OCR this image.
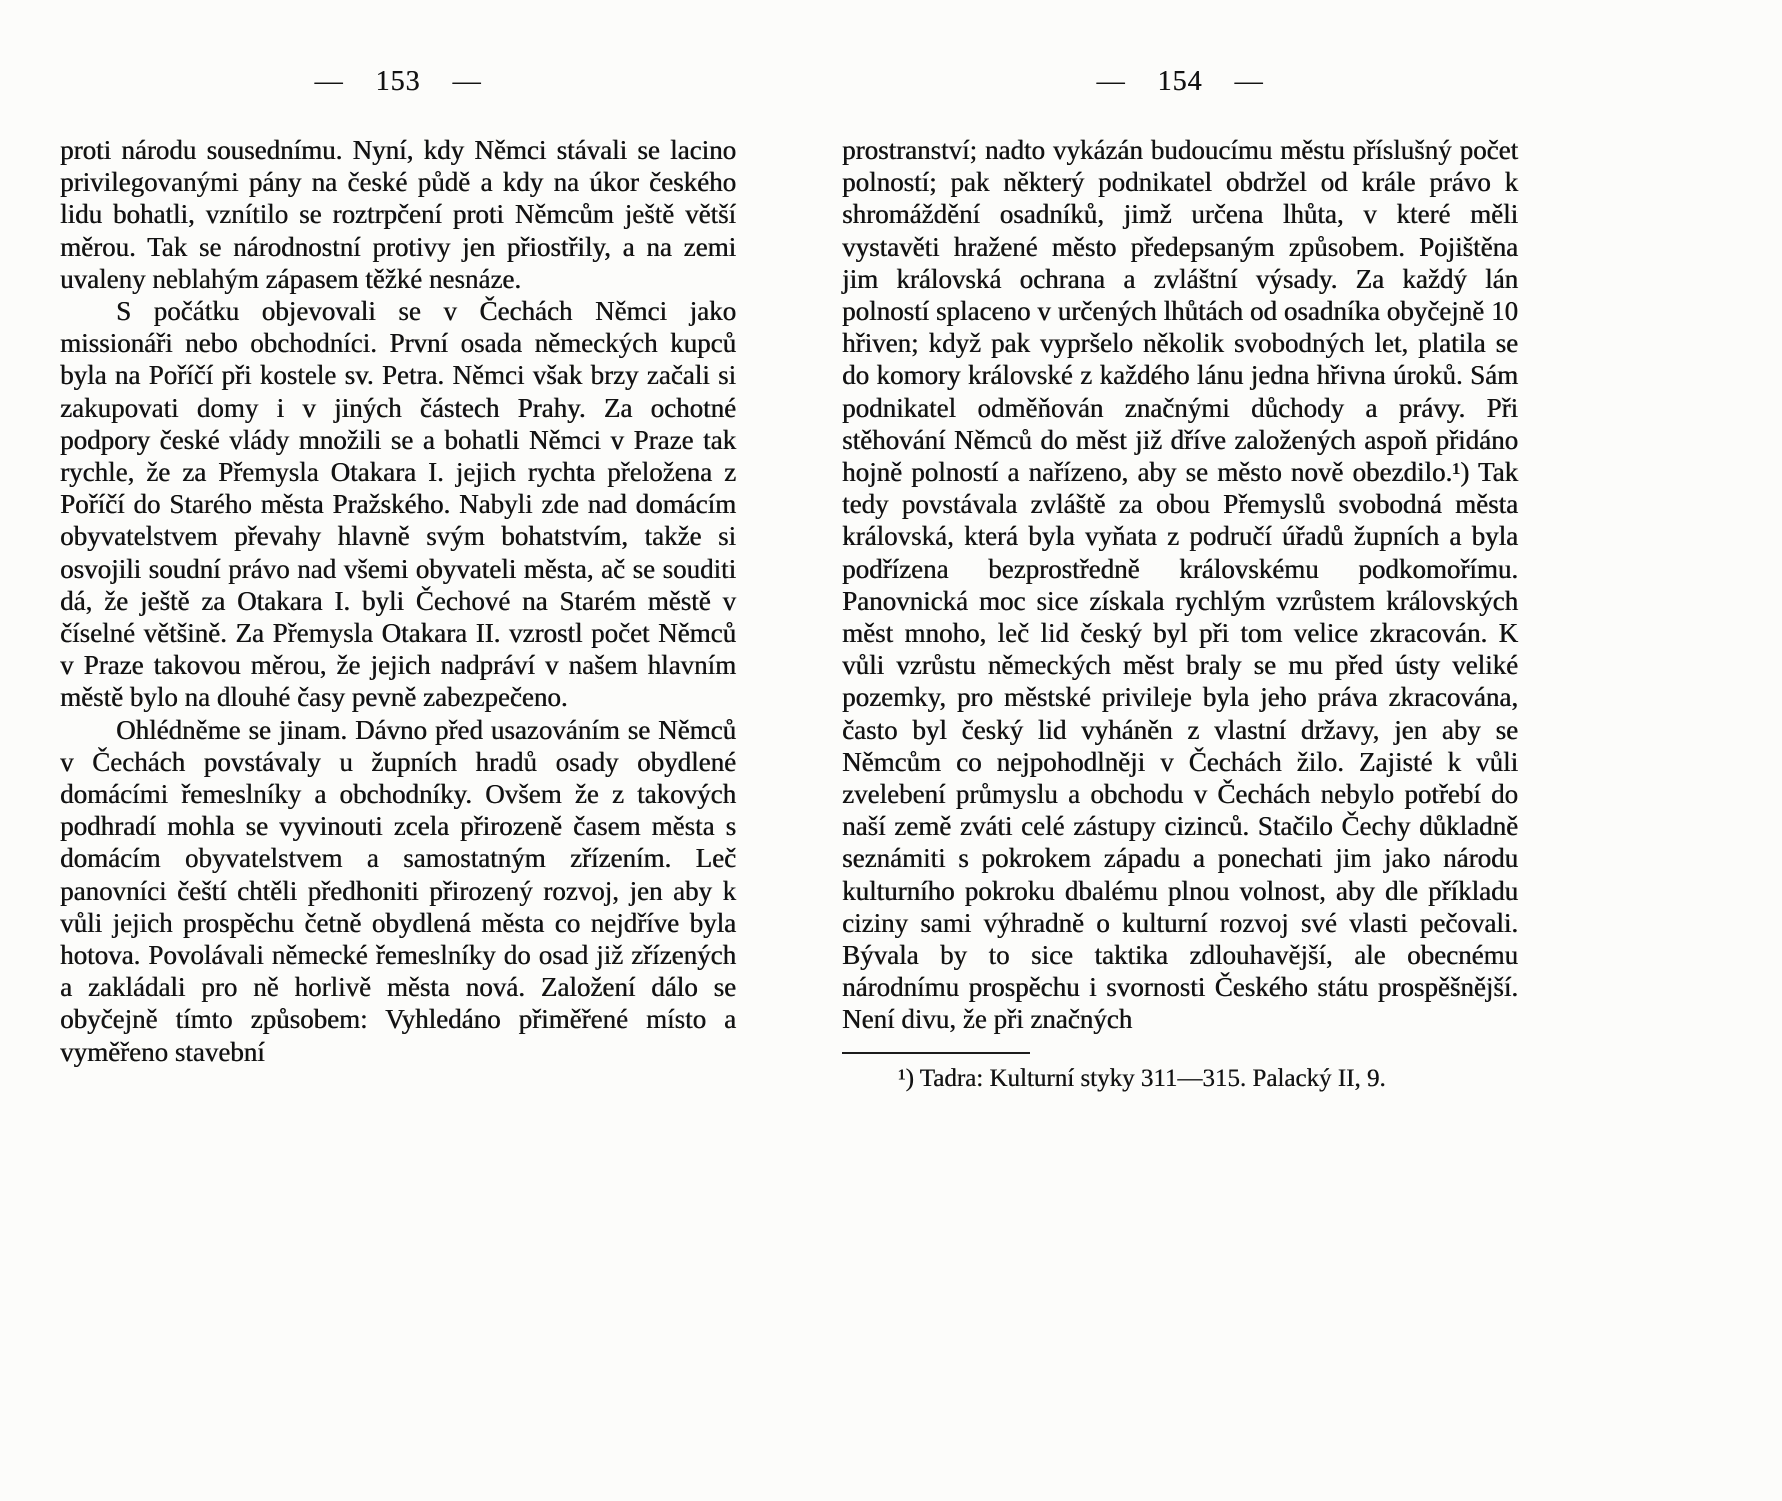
— 153 —

proti národu sousednímu. Nyní, kdy Němci stávali se lacino privilegovanými pány na české půdě a kdy na úkor českého lidu bohatli, vznítilo se roztrpčení proti Němcům ještě větší měrou. Tak se národnostní protivy jen přiostřily, a na zemi uvaleny neblahým zápasem těžké nesnáze.

S počátku objevovali se v Čechách Němci jako missionáři nebo obchodníci. První osada německých kupců byla na Poříčí při kostele sv. Petra. Němci však brzy začali si zakupovati domy i v jiných částech Prahy. Za ochotné podpory české vlády množili se a bohatli Němci v Praze tak rychle, že za Přemysla Otakara I. jejich rychta přeložena z Poříčí do Starého města Pražského. Nabyli zde nad domácím obyvatelstvem převahy hlavně svým bohatstvím, takže si osvojili soudní právo nad všemi obyvateli města, ač se souditi dá, že ještě za Otakara I. byli Čechové na Starém městě v číselné většině. Za Přemysla Otakara II. vzrostl počet Němců v Praze takovou měrou, že jejich nadpráví v našem hlavním městě bylo na dlouhé časy pevně zabezpečeno.

Ohlédněme se jinam. Dávno před usazováním se Němců v Čechách povstávaly u župních hradů osady obydlené domácími řemeslníky a obchodníky. Ovšem že z takových podhradí mohla se vyvinouti zcela přirozeně časem města s domácím obyvatelstvem a samostatným zřízením. Leč panovníci čeští chtěli předhoniti přirozený rozvoj, jen aby k vůli jejich prospěchu četně obydlená města co nejdříve byla hotova. Povolávali německé řemeslníky do osad již zřízených a zakládali pro ně horlivě města nová. Založení dálo se obyčejně tímto způsobem: Vyhledáno přiměřené místo a vyměřeno stavební

— 154 —

prostranství; nadto vykázán budoucímu městu příslušný počet polností; pak některý podnikatel obdržel od krále právo k shromáždění osadníků, jimž určena lhůta, v které měli vystavěti hražené město předepsaným způsobem. Pojištěna jim královská ochrana a zvláštní výsady. Za každý lán polností splaceno v určených lhůtách od osadníka obyčejně 10 hřiven; když pak vypršelo několik svobodných let, platila se do komory královské z každého lánu jedna hřivna úroků. Sám podnikatel odměňován značnými důchody a právy. Při stěhování Němců do měst již dříve založených aspoň přidáno hojně polností a nařízeno, aby se město nově obezdilo.¹) Tak tedy povstávala zvláště za obou Přemyslů svobodná města královská, která byla vyňata z područí úřadů župních a byla podřízena bezprostředně královskému podkomořímu. Panovnická moc sice získala rychlým vzrůstem královských měst mnoho, leč lid český byl při tom velice zkracován. K vůli vzrůstu německých měst braly se mu před ústy veliké pozemky, pro městské privileje byla jeho práva zkracována, často byl český lid vyháněn z vlastní državy, jen aby se Němcům co nejpohodlněji v Čechách žilo. Zajisté k vůli zvelebení průmyslu a obchodu v Čechách nebylo potřebí do naší země zváti celé zástupy cizinců. Stačilo Čechy důkladně seznámiti s pokrokem západu a ponechati jim jako národu kulturního pokroku dbalému plnou volnost, aby dle příkladu ciziny sami výhradně o kulturní rozvoj své vlasti pečovali. Bývala by to sice taktika zdlouhavější, ale obecnému národnímu prospěchu i svornosti Českého státu prospěšnější. Není divu, že při značných

¹) Tadra: Kulturní styky 311—315. Palacký II, 9.
